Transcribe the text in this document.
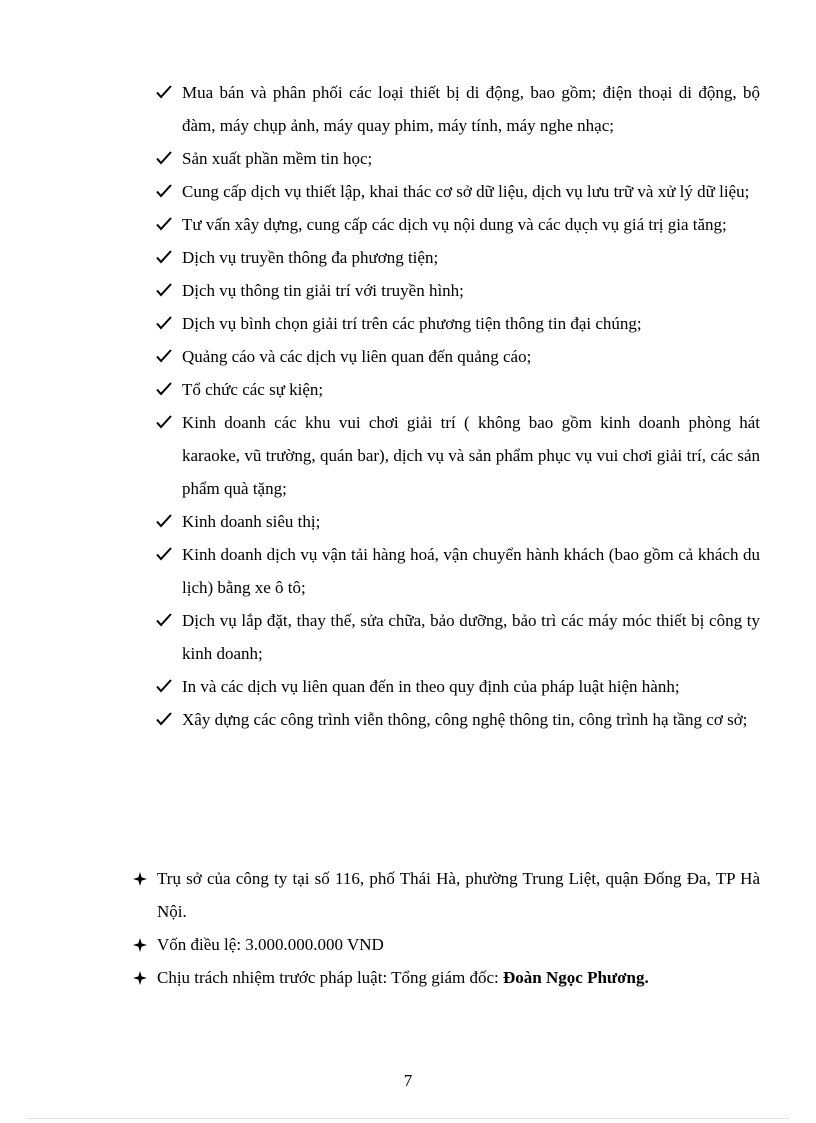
Mua bán và phân phối các loại thiết bị di động, bao gồm; điện thoại di động, bộ đàm, máy chụp ảnh, máy quay phim, máy tính, máy nghe nhạc;
Sản xuất phần mềm tin học;
Cung cấp dịch vụ thiết lập, khai thác cơ sở dữ liệu, dịch vụ lưu trữ và xử lý dữ liệu;
Tư vấn xây dựng, cung cấp các dịch vụ nội dung và các dục̣h vụ giá trị gia tăng;
Dịch vụ truyền thông đa phương tiện;
Dịch vụ thông tin giải trí với truyền hình;
Dịch vụ bình chọn giải trí trên các phương tiện thông tin đại chúng;
Quảng cáo và các dịch vụ liên quan đến quảng cáo;
Tổ chức các sự kiện;
Kinh doanh các khu vui chơi giải trí ( không bao gồm kinh doanh phòng hát karaoke, vũ trường, quán bar), dịch vụ và sản phẩm phục vụ vui chơi giải trí, các sản phẩm quà tặng;
Kinh doanh siêu thị;
Kinh doanh dịch vụ vận tải hàng hoá, vận chuyển hành khách (bao gồm cả khách du lịch) bằng xe ô tô;
Dịch vụ lắp đặt, thay thế, sửa chữa, bảo dưỡng, bảo trì các máy móc thiết bị công ty kinh doanh;
In và các dịch vụ liên quan đến in theo quy định của pháp luật hiện hành;
Xây dựng các công trình viễn thông, công nghệ thông tin, công trình hạ tầng cơ sở;
Trụ sở của công ty tại số 116, phố Thái Hà, phường Trung Liệt, quận Đống Đa, TP Hà Nội.
Vốn điều lệ: 3.000.000.000 VND
Chịu trách nhiệm trước pháp luật: Tổng giám đốc: Đoàn Ngọc Phương.
7
